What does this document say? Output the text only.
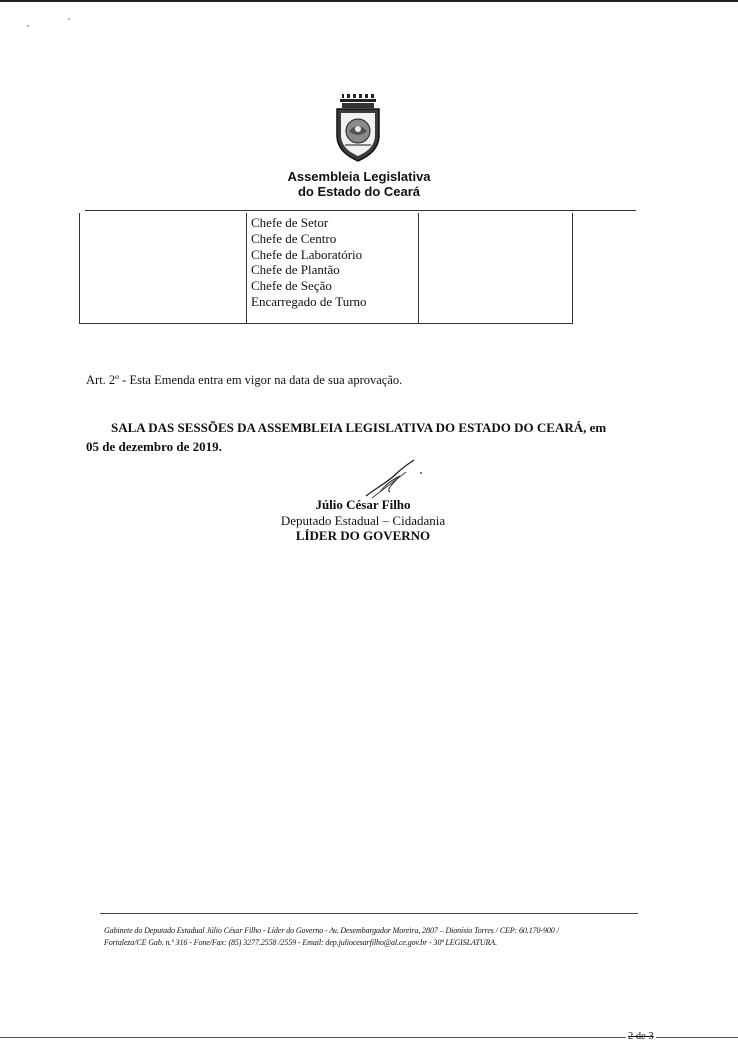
Assembleia Legislativa
do Estado do Ceará
Chefe de Setor
Chefe de Centro
Chefe de Laboratório
Chefe de Plantão
Chefe de Seção
Encarregado de Turno
Art. 2º - Esta Emenda entra em vigor na data de sua aprovação.
SALA DAS SESSÕES DA ASSEMBLEIA LEGISLATIVA DO ESTADO DO CEARÁ, em
05 de dezembro de 2019.
Júlio César Filho
Deputado Estadual – Cidadania
LÍDER DO GOVERNO
Gabinete do Deputado Estadual Júlio César Filho - Líder do Governo - Av. Desembargador Moreira, 2807 – Dionísio Torres / CEP: 60.170-900 /
Fortaleza/CE Gab. n.º 316 - Fone/Fax: (85) 3277.2558 /2559 - Email: dep.juliocesarfilho@al.ce.gov.br - 30ª LEGISLATURA.
2 de 3
